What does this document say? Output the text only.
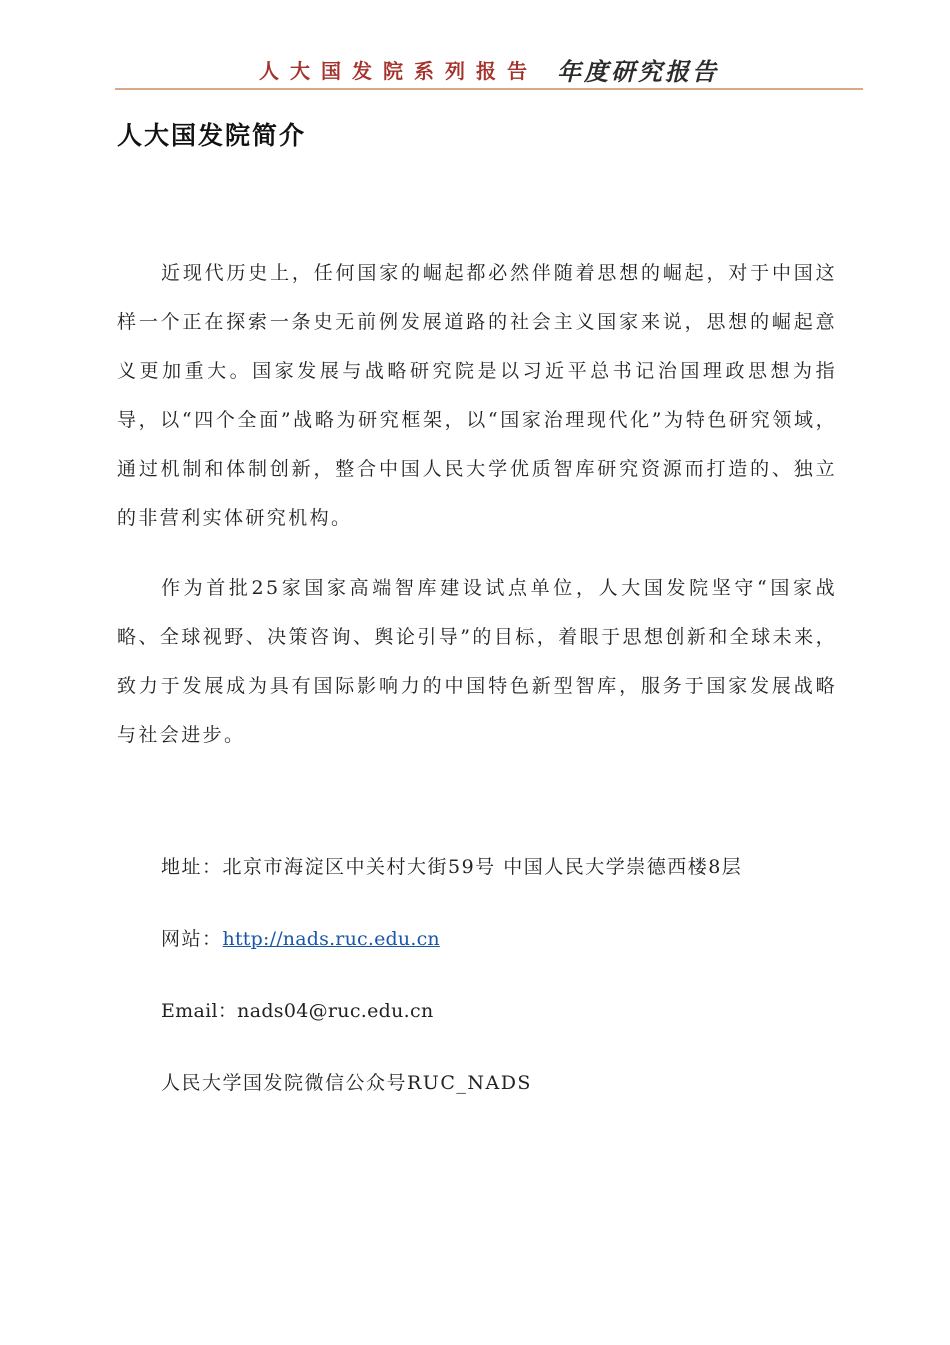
人大国发院系列报告 年度研究报告
人大国发院简介

近现代历史上，任何国家的崛起都必然伴随着思想的崛起，对于中国这样一个正在探索一条史无前例发展道路的社会主义国家来说，思想的崛起意义更加重大。国家发展与战略研究院是以习近平总书记治国理政思想为指导，以“四个全面”战略为研究框架，以“国家治理现代化”为特色研究领域，通过机制和体制创新，整合中国人民大学优质智库研究资源而打造的、独立的非营利实体研究机构。

作为首批25家国家高端智库建设试点单位，人大国发院坚守“国家战略、全球视野、决策咨询、舆论引导”的目标，着眼于思想创新和全球未来，致力于发展成为具有国际影响力的中国特色新型智库，服务于国家发展战略与社会进步。

地址：北京市海淀区中关村大街59号 中国人民大学崇德西楼8层
网站：http://nads.ruc.edu.cn
Email：nads04@ruc.edu.cn
人民大学国发院微信公众号RUC_NADS
